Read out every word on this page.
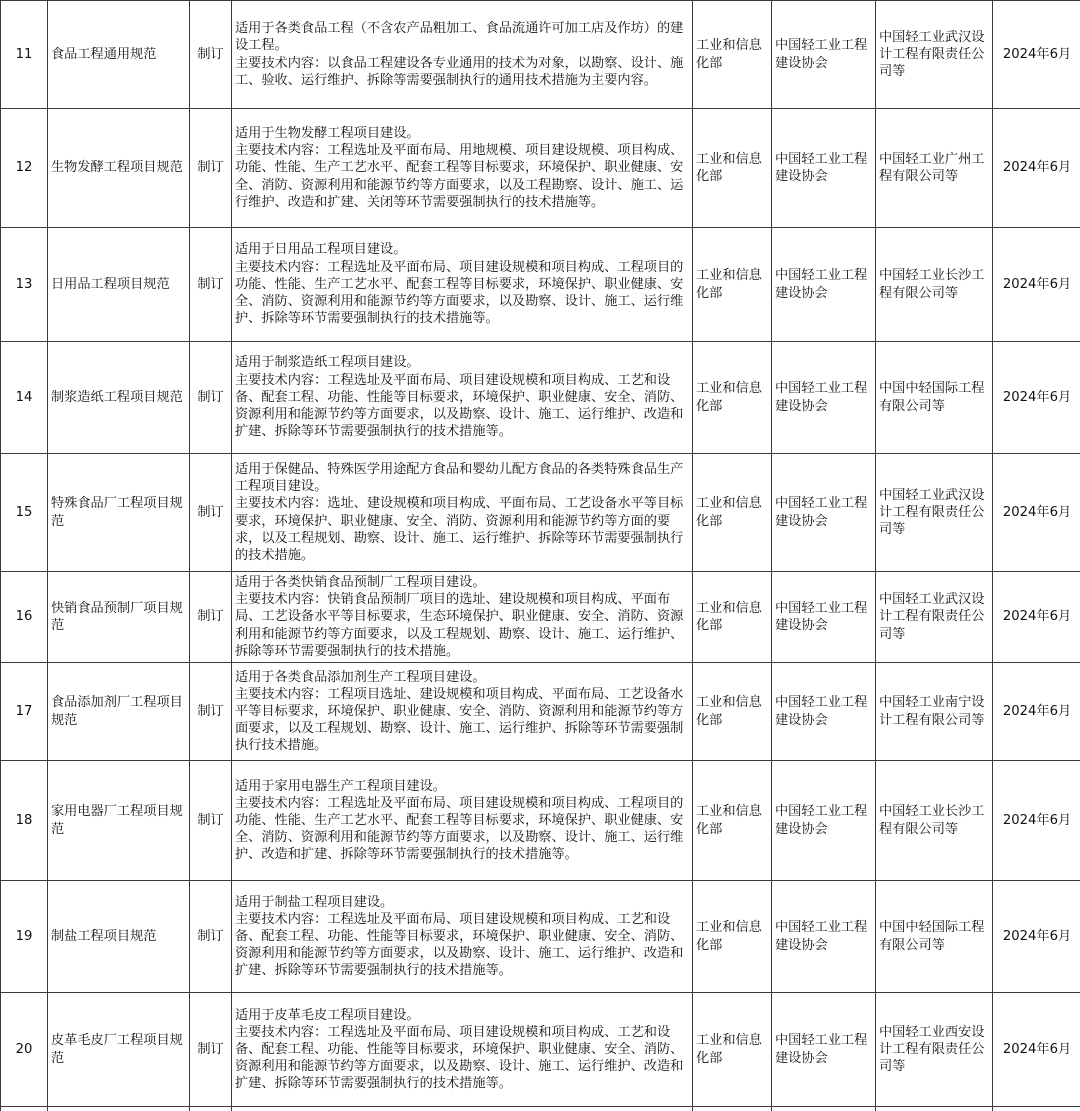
11	食品工程通用规范	制订	适用于各类食品工程（不含农产品粗加工、食品流通许可加工店及作坊）的建设工程。
主要技术内容：以食品工程建设各专业通用的技术为对象，以勘察、设计、施工、验收、运行维护、拆除等需要强制执行的通用技术措施为主要内容。	工业和信息化部	中国轻工业工程建设协会	中国轻工业武汉设计工程有限责任公司等	2024年6月
12	生物发酵工程项目规范	制订	适用于生物发酵工程项目建设。
主要技术内容：工程选址及平面布局、用地规模、项目建设规模、项目构成、功能、性能、生产工艺水平、配套工程等目标要求，环境保护、职业健康、安全、消防、资源利用和能源节约等方面要求，以及工程勘察、设计、施工、运行维护、改造和扩建、关闭等环节需要强制执行的技术措施等。	工业和信息化部	中国轻工业工程建设协会	中国轻工业广州工程有限公司等	2024年6月
13	日用品工程项目规范	制订	适用于日用品工程项目建设。
主要技术内容：工程选址及平面布局、项目建设规模和项目构成、工程项目的功能、性能、生产工艺水平、配套工程等目标要求，环境保护、职业健康、安全、消防、资源利用和能源节约等方面要求，以及勘察、设计、施工、运行维护、拆除等环节需要强制执行的技术措施等。	工业和信息化部	中国轻工业工程建设协会	中国轻工业长沙工程有限公司等	2024年6月
14	制浆造纸工程项目规范	制订	适用于制浆造纸工程项目建设。
主要技术内容：工程选址及平面布局、项目建设规模和项目构成、工艺和设备、配套工程、功能、性能等目标要求，环境保护、职业健康、安全、消防、资源利用和能源节约等方面要求，以及勘察、设计、施工、运行维护、改造和扩建、拆除等环节需要强制执行的技术措施等。	工业和信息化部	中国轻工业工程建设协会	中国中轻国际工程有限公司等	2024年6月
15	特殊食品厂工程项目规范	制订	适用于保健品、特殊医学用途配方食品和婴幼儿配方食品的各类特殊食品生产工程项目建设。
主要技术内容：选址、建设规模和项目构成、平面布局、工艺设备水平等目标要求，环境保护、职业健康、安全、消防、资源利用和能源节约等方面的要求，以及工程规划、勘察、设计、施工、运行维护、拆除等环节需要强制执行的技术措施。	工业和信息化部	中国轻工业工程建设协会	中国轻工业武汉设计工程有限责任公司等	2024年6月
16	快销食品预制厂项目规范	制订	适用于各类快销食品预制厂工程项目建设。
主要技术内容：快销食品预制厂项目的选址、建设规模和项目构成、平面布局、工艺设备水平等目标要求，生态环境保护、职业健康、安全、消防、资源利用和能源节约等方面要求，以及工程规划、勘察、设计、施工、运行维护、拆除等环节需要强制执行的技术措施。	工业和信息化部	中国轻工业工程建设协会	中国轻工业武汉设计工程有限责任公司等	2024年6月
17	食品添加剂厂工程项目规范	制订	适用于各类食品添加剂生产工程项目建设。
主要技术内容：工程项目选址、建设规模和项目构成、平面布局、工艺设备水平等目标要求，环境保护、职业健康、安全、消防、资源利用和能源节约等方面要求，以及工程规划、勘察、设计、施工、运行维护、拆除等环节需要强制执行技术措施。	工业和信息化部	中国轻工业工程建设协会	中国轻工业南宁设计工程有限公司等	2024年6月
18	家用电器厂工程项目规范	制订	适用于家用电器生产工程项目建设。
主要技术内容：工程选址及平面布局、项目建设规模和项目构成、工程项目的功能、性能、生产工艺水平、配套工程等目标要求，环境保护、职业健康、安全、消防、资源利用和能源节约等方面要求，以及勘察、设计、施工、运行维护、改造和扩建、拆除等环节需要强制执行的技术措施等。	工业和信息化部	中国轻工业工程建设协会	中国轻工业长沙工程有限公司等	2024年6月
19	制盐工程项目规范	制订	适用于制盐工程项目建设。
主要技术内容：工程选址及平面布局、项目建设规模和项目构成、工艺和设备、配套工程、功能、性能等目标要求，环境保护、职业健康、安全、消防、资源利用和能源节约等方面要求，以及勘察、设计、施工、运行维护、改造和扩建、拆除等环节需要强制执行的技术措施等。	工业和信息化部	中国轻工业工程建设协会	中国中轻国际工程有限公司等	2024年6月
20	皮革毛皮厂工程项目规范	制订	适用于皮革毛皮工程项目建设。
主要技术内容：工程选址及平面布局、项目建设规模和项目构成、工艺和设备、配套工程、功能、性能等目标要求，环境保护、职业健康、安全、消防、资源利用和能源节约等方面要求，以及勘察、设计、施工、运行维护、改造和扩建、拆除等环节需要强制执行的技术措施等。	工业和信息化部	中国轻工业工程建设协会	中国轻工业西安设计工程有限责任公司等	2024年6月
